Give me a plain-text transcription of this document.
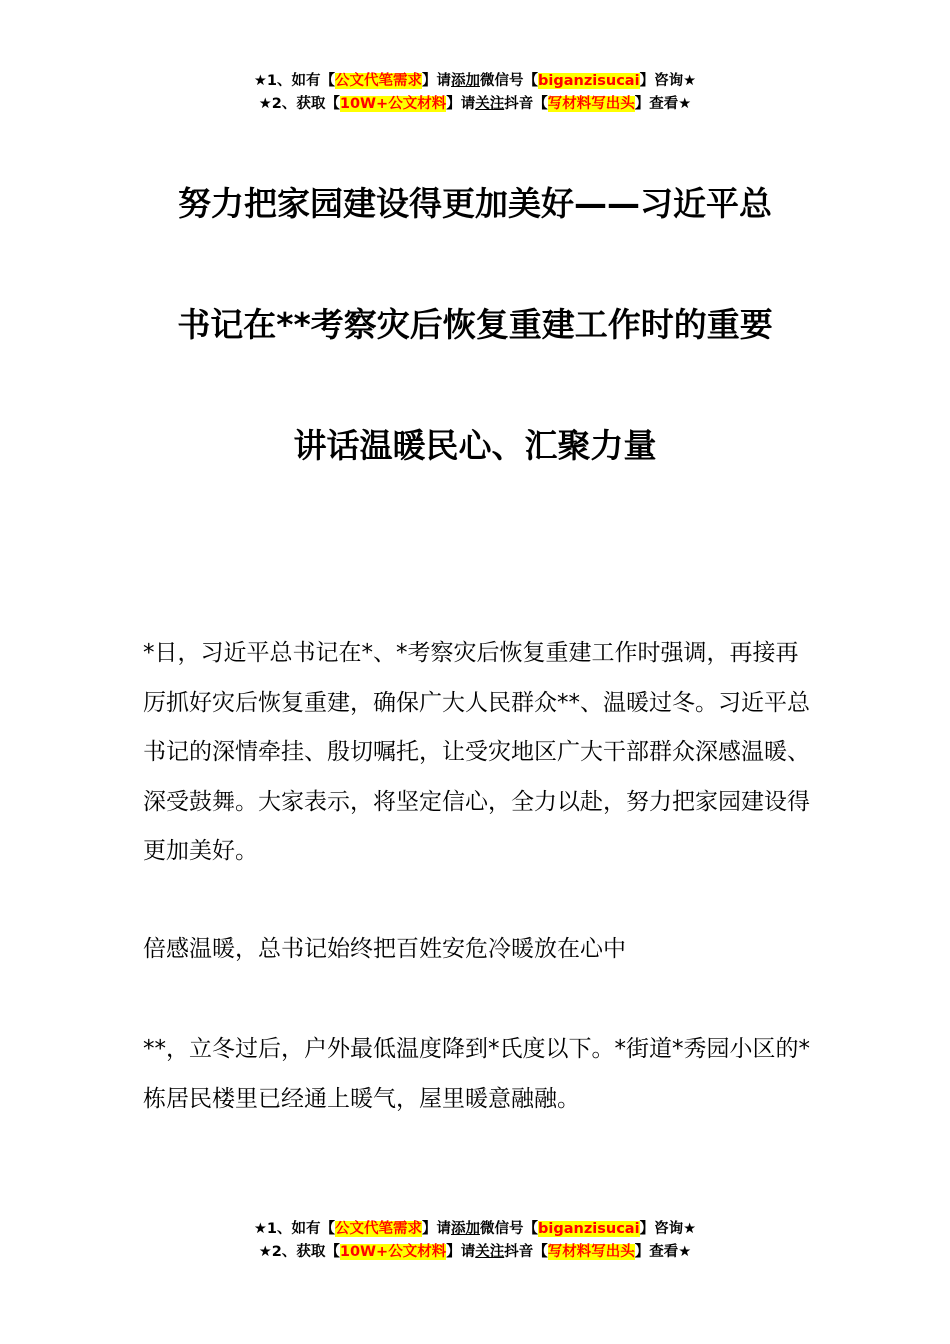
★1、如有【公文代笔需求】请添加微信号【biganzisucai】咨询★
★2、获取【10W+公文材料】请关注抖音【写材料写出头】查看★
努力把家园建设得更加美好——习近平总
书记在**考察灾后恢复重建工作时的重要
讲话温暖民心、汇聚力量

*日，习近平总书记在*、*考察灾后恢复重建工作时强调，再接再厉抓好灾后恢复重建，确保广大人民群众**、温暖过冬。习近平总书记的深情牵挂、殷切嘱托，让受灾地区广大干部群众深感温暖、深受鼓舞。大家表示，将坚定信心，全力以赴，努力把家园建设得更加美好。

倍感温暖，总书记始终把百姓安危冷暖放在心中

**，立冬过后，户外最低温度降到*氏度以下。*街道*秀园小区的*栋居民楼里已经通上暖气，屋里暖意融融。

★1、如有【公文代笔需求】请添加微信号【biganzisucai】咨询★
★2、获取【10W+公文材料】请关注抖音【写材料写出头】查看★
